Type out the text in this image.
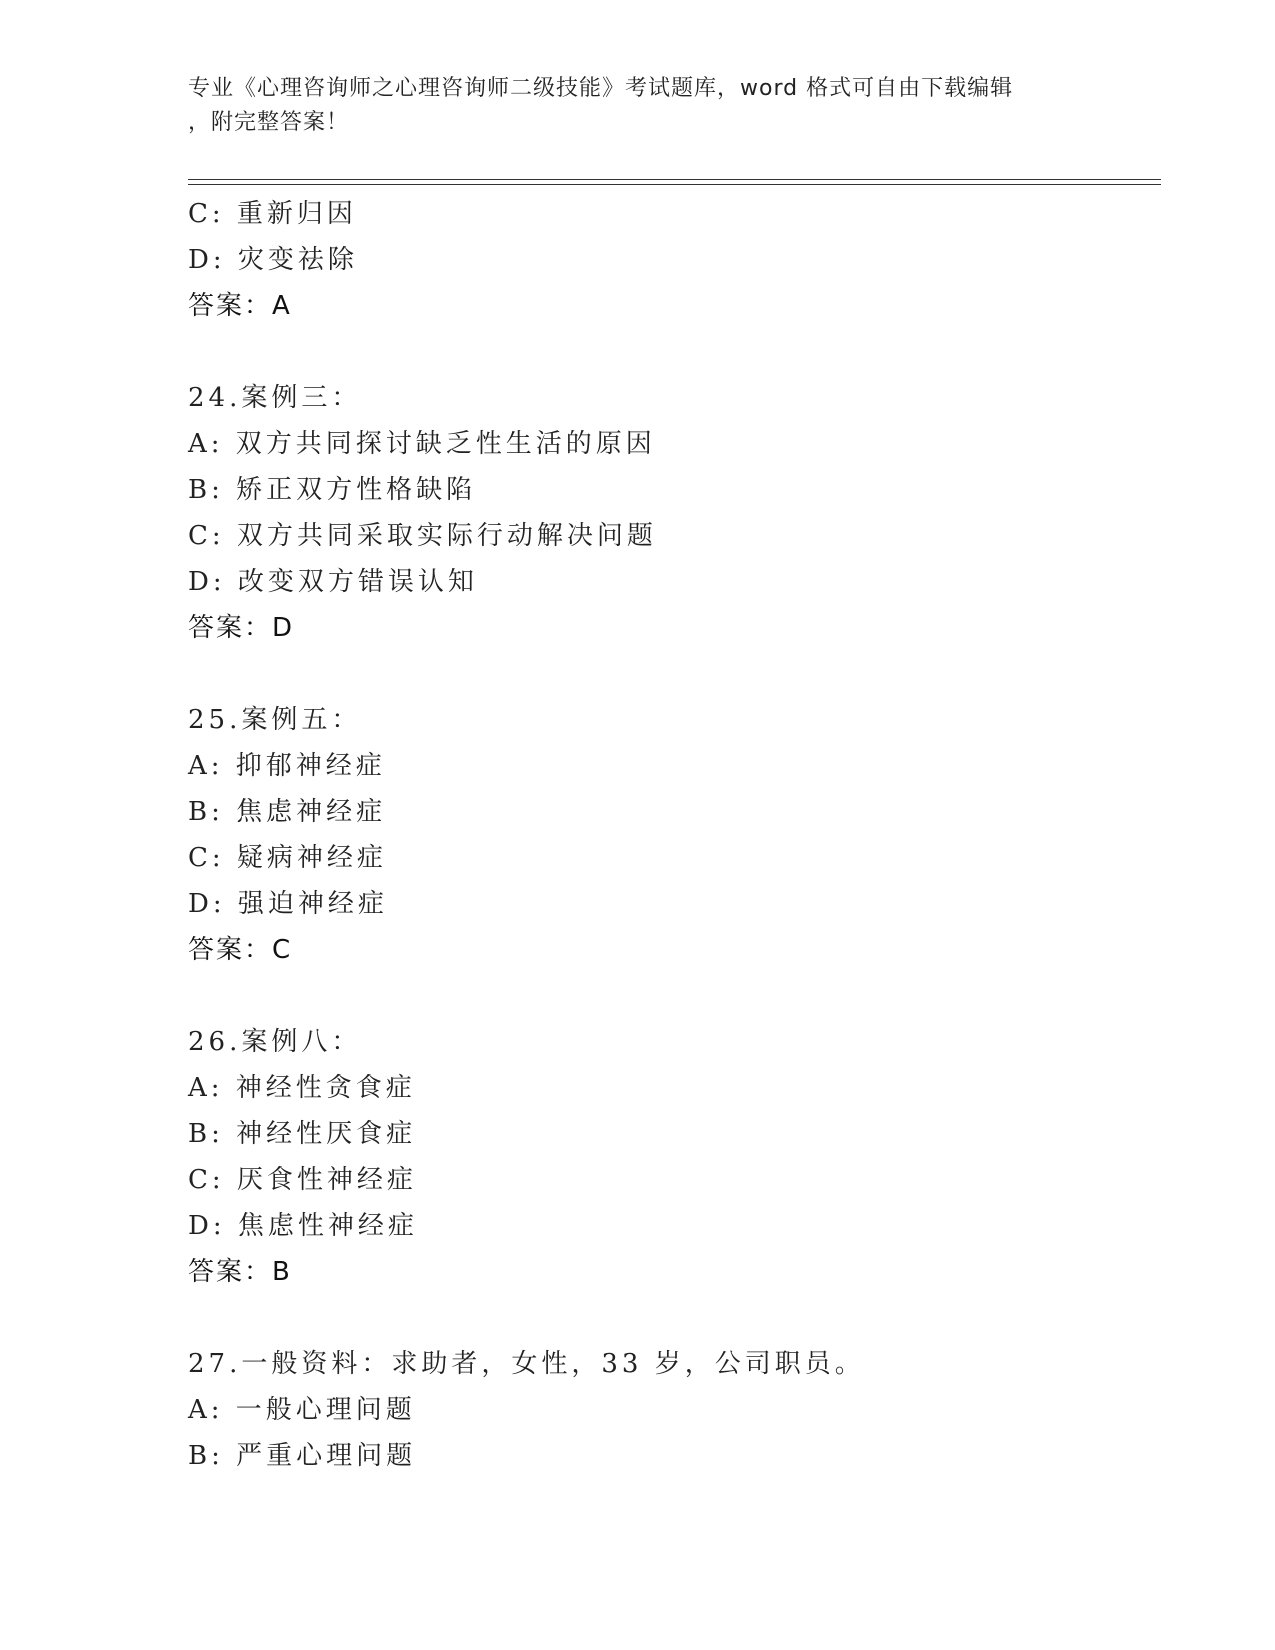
专业《心理咨询师之心理咨询师二级技能》考试题库，word 格式可自由下载编辑
，附完整答案！
C: 重新归因
D: 灾变祛除
答案：A
24.案例三：
A: 双方共同探讨缺乏性生活的原因
B: 矫正双方性格缺陷
C: 双方共同采取实际行动解决问题
D: 改变双方错误认知
答案：D
25.案例五：
A: 抑郁神经症
B: 焦虑神经症
C: 疑病神经症
D: 强迫神经症
答案：C
26.案例八：
A: 神经性贪食症
B: 神经性厌食症
C: 厌食性神经症
D: 焦虑性神经症
答案：B
27.一般资料：求助者，女性，33 岁，公司职员。
A: 一般心理问题
B: 严重心理问题
